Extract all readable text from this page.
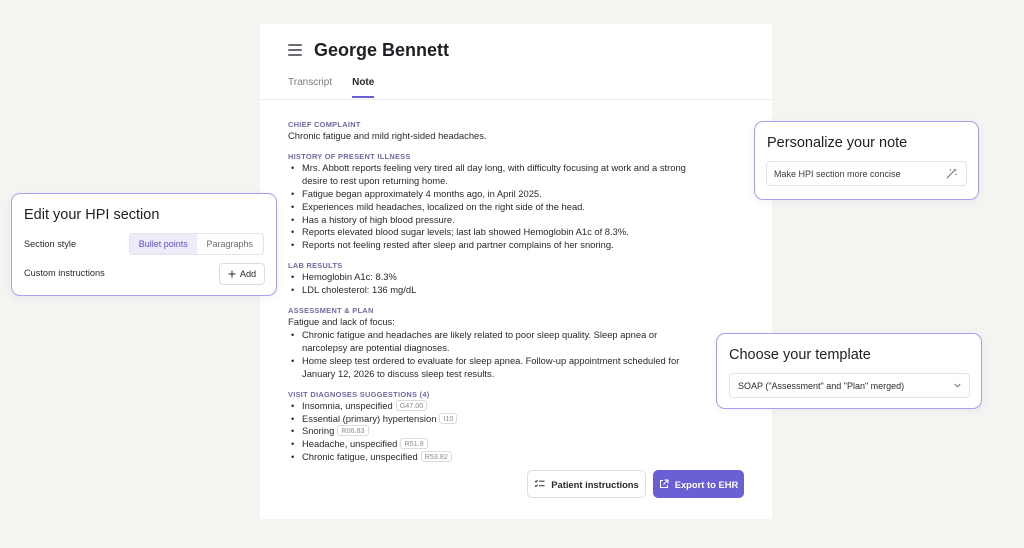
George Bennett
Transcript Note
CHIEF COMPLAINT
Chronic fatigue and mild right-sided headaches.
HISTORY OF PRESENT ILLNESS
• Mrs. Abbott reports feeling very tired all day long, with difficulty focusing at work and a strong desire to rest upon returning home.
• Fatigue began approximately 4 months ago, in April 2025.
• Experiences mild headaches, localized on the right side of the head.
• Has a history of high blood pressure.
• Reports elevated blood sugar levels; last lab showed Hemoglobin A1c of 8.3%.
• Reports not feeling rested after sleep and partner complains of her snoring.
LAB RESULTS
• Hemoglobin A1c: 8.3%
• LDL cholesterol: 136 mg/dL
ASSESSMENT & PLAN
Fatigue and lack of focus:
• Chronic fatigue and headaches are likely related to poor sleep quality. Sleep apnea or narcolepsy are potential diagnoses.
• Home sleep test ordered to evaluate for sleep apnea. Follow-up appointment scheduled for January 12, 2026 to discuss sleep test results.
VISIT DIAGNOSES SUGGESTIONS (4)
• Insomnia, unspecified G47.00
• Essential (primary) hypertension I10
• Snoring R06.83
• Headache, unspecified R51.9
• Chronic fatigue, unspecified R53.82
Patient instructions	Export to EHR
Edit your HPI section
Section style	Bullet points	Paragraphs
Custom instructions	Add
Personalize your note
Make HPI section more concise
Choose your template
SOAP ("Assessment" and "Plan" merged)
